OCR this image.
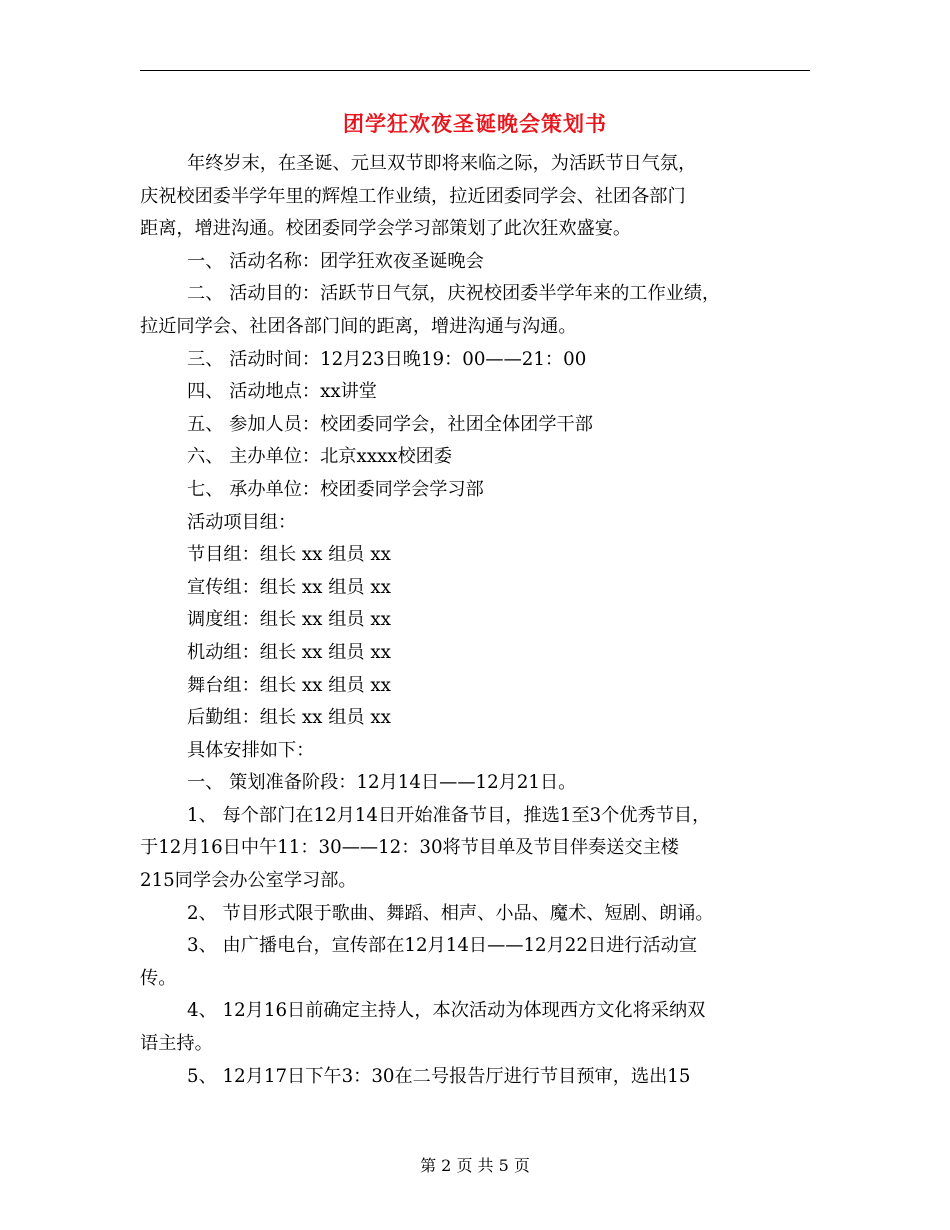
团学狂欢夜圣诞晚会策划书
年终岁末，在圣诞、元旦双节即将来临之际，为活跃节日气氛，
庆祝校团委半学年里的辉煌工作业绩，拉近团委同学会、社团各部门
距离，增进沟通。校团委同学会学习部策划了此次狂欢盛宴。
一、 活动名称：团学狂欢夜圣诞晚会
二、 活动目的：活跃节日气氛，庆祝校团委半学年来的工作业绩，
拉近同学会、社团各部门间的距离，增进沟通与沟通。
三、 活动时间：12月23日晚19：00——21：00
四、 活动地点：xx讲堂
五、 参加人员：校团委同学会，社团全体团学干部
六、 主办单位：北京xxxx校团委
七、 承办单位：校团委同学会学习部
活动项目组：
节目组：组长 xx 组员 xx
宣传组：组长 xx 组员 xx
调度组：组长 xx 组员 xx
机动组：组长 xx 组员 xx
舞台组：组长 xx 组员 xx
后勤组：组长 xx 组员 xx
具体安排如下：
一、 策划准备阶段：12月14日——12月21日。
1、 每个部门在12月14日开始准备节目，推选1至3个优秀节目，
于12月16日中午11：30——12：30将节目单及节目伴奏送交主楼
215同学会办公室学习部。
2、 节目形式限于歌曲、舞蹈、相声、小品、魔术、短剧、朗诵。
3、 由广播电台，宣传部在12月14日——12月22日进行活动宣
传。
4、 12月16日前确定主持人，本次活动为体现西方文化将采纳双
语主持。
5、 12月17日下午3：30在二号报告厅进行节目预审，选出15
第 2 页 共 5 页
